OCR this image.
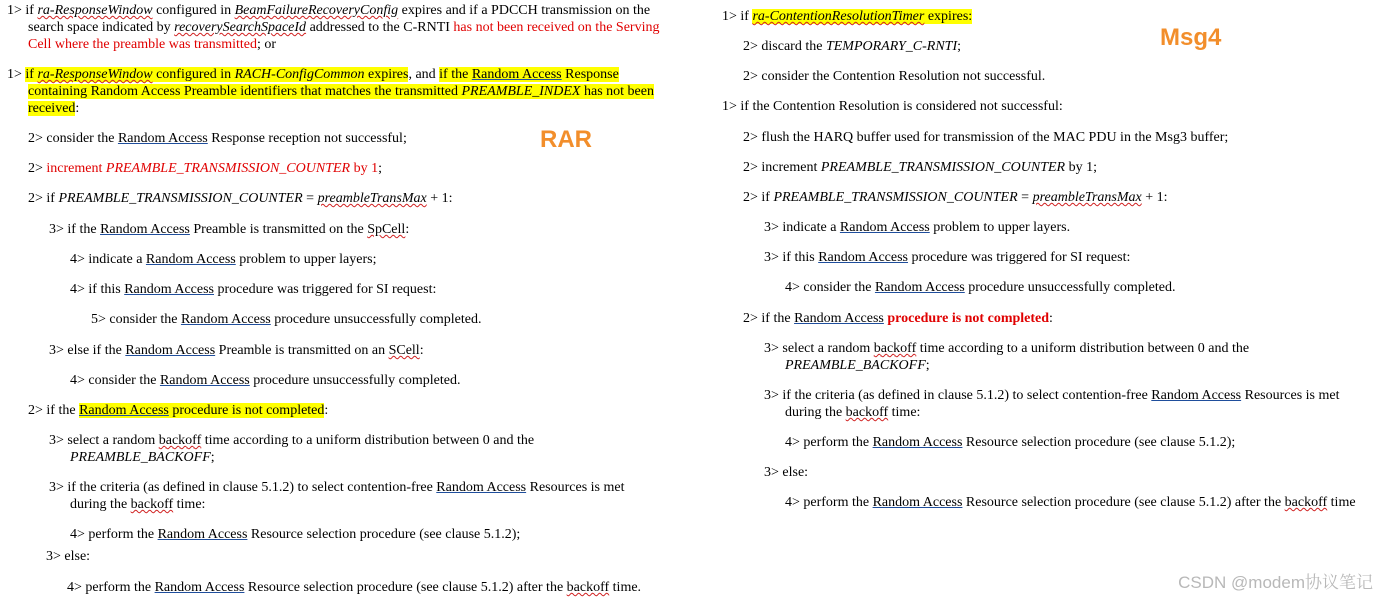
1> if ra-ResponseWindow configured in BeamFailureRecoveryConfig expires and if a PDCCH transmission on the
search space indicated by recoverySearchSpaceId addressed to the C-RNTI has not been received on the Serving
Cell where the preamble was transmitted; or
1> if ra-ResponseWindow configured in RACH-ConfigCommon expires, and if the Random Access Response
containing Random Access Preamble identifiers that matches the transmitted PREAMBLE_INDEX has not been
received:
RAR
2> consider the Random Access Response reception not successful;
2> increment PREAMBLE_TRANSMISSION_COUNTER by 1;
2> if PREAMBLE_TRANSMISSION_COUNTER = preambleTransMax + 1:
3> if the Random Access Preamble is transmitted on the SpCell:
4> indicate a Random Access problem to upper layers;
4> if this Random Access procedure was triggered for SI request:
5> consider the Random Access procedure unsuccessfully completed.
3> else if the Random Access Preamble is transmitted on an SCell:
4> consider the Random Access procedure unsuccessfully completed.
2> if the Random Access procedure is not completed:
3> select a random backoff time according to a uniform distribution between 0 and the
PREAMBLE_BACKOFF;
3> if the criteria (as defined in clause 5.1.2) to select contention-free Random Access Resources is met
during the backoff time:
4> perform the Random Access Resource selection procedure (see clause 5.1.2);
3> else:
4> perform the Random Access Resource selection procedure (see clause 5.1.2) after the backoff time.
Msg4
1> if ra-ContentionResolutionTimer expires:
2> discard the TEMPORARY_C-RNTI;
2> consider the Contention Resolution not successful.
1> if the Contention Resolution is considered not successful:
2> flush the HARQ buffer used for transmission of the MAC PDU in the Msg3 buffer;
2> increment PREAMBLE_TRANSMISSION_COUNTER by 1;
2> if PREAMBLE_TRANSMISSION_COUNTER = preambleTransMax + 1:
3> indicate a Random Access problem to upper layers.
3> if this Random Access procedure was triggered for SI request:
4> consider the Random Access procedure unsuccessfully completed.
2> if the Random Access procedure is not completed:
3> select a random backoff time according to a uniform distribution between 0 and the
PREAMBLE_BACKOFF;
3> if the criteria (as defined in clause 5.1.2) to select contention-free Random Access Resources is met
during the backoff time:
4> perform the Random Access Resource selection procedure (see clause 5.1.2);
3> else:
4> perform the Random Access Resource selection procedure (see clause 5.1.2) after the backoff time
CSDN @modem协议笔记
